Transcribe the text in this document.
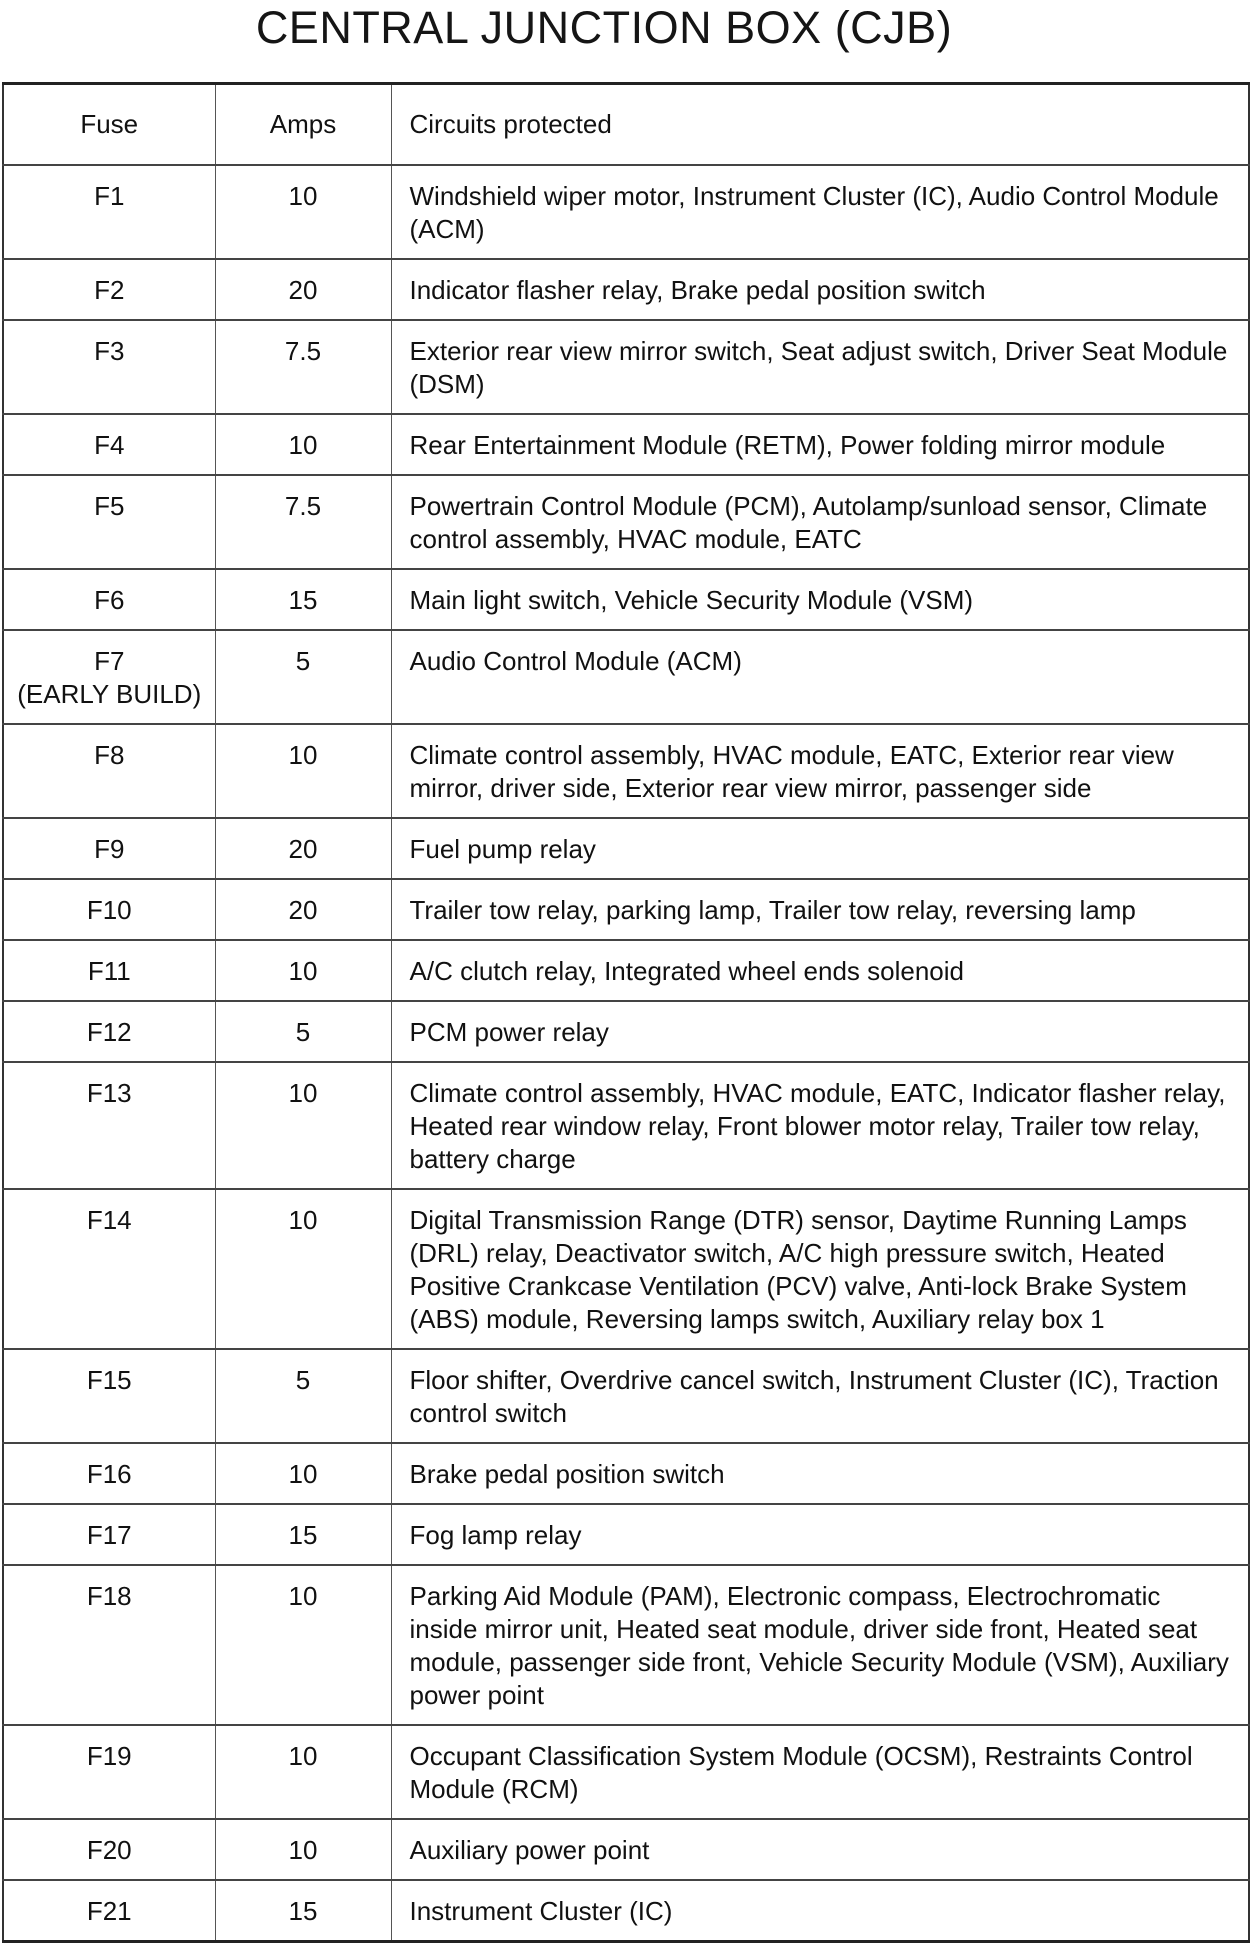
CENTRAL JUNCTION BOX (CJB)
Fuse	Amps	Circuits protected

F1	10	Windshield wiper motor, Instrument Cluster (IC), Audio Control Module (ACM)

F2	20	Indicator flasher relay, Brake pedal position switch

F3	7.5	Exterior rear view mirror switch, Seat adjust switch, Driver Seat Module (DSM)

F4	10	Rear Entertainment Module (RETM), Power folding mirror module

F5	7.5	Powertrain Control Module (PCM), Autolamp/sunload sensor, Climate control assembly, HVAC module, EATC

F6	15	Main light switch, Vehicle Security Module (VSM)

F7
(EARLY BUILD)	5	Audio Control Module (ACM)

F8	10	Climate control assembly, HVAC module, EATC, Exterior rear view mirror, driver side, Exterior rear view mirror, passenger side

F9	20	Fuel pump relay

F10	20	Trailer tow relay, parking lamp, Trailer tow relay, reversing lamp

F11	10	A/C clutch relay, Integrated wheel ends solenoid

F12	5	PCM power relay

F13	10	Climate control assembly, HVAC module, EATC, Indicator flasher relay, Heated rear window relay, Front blower motor relay, Trailer tow relay, battery charge

F14	10	Digital Transmission Range (DTR) sensor, Daytime Running Lamps (DRL) relay, Deactivator switch, A/C high pressure switch, Heated Positive Crankcase Ventilation (PCV) valve, Anti-lock Brake System (ABS) module, Reversing lamps switch, Auxiliary relay box 1

F15	5	Floor shifter, Overdrive cancel switch, Instrument Cluster (IC), Traction control switch

F16	10	Brake pedal position switch

F17	15	Fog lamp relay

F18	10	Parking Aid Module (PAM), Electronic compass, Electrochromatic inside mirror unit, Heated seat module, driver side front, Heated seat module, passenger side front, Vehicle Security Module (VSM), Auxiliary power point

F19	10	Occupant Classification System Module (OCSM), Restraints Control Module (RCM)

F20	10	Auxiliary power point

F21	15	Instrument Cluster (IC)
